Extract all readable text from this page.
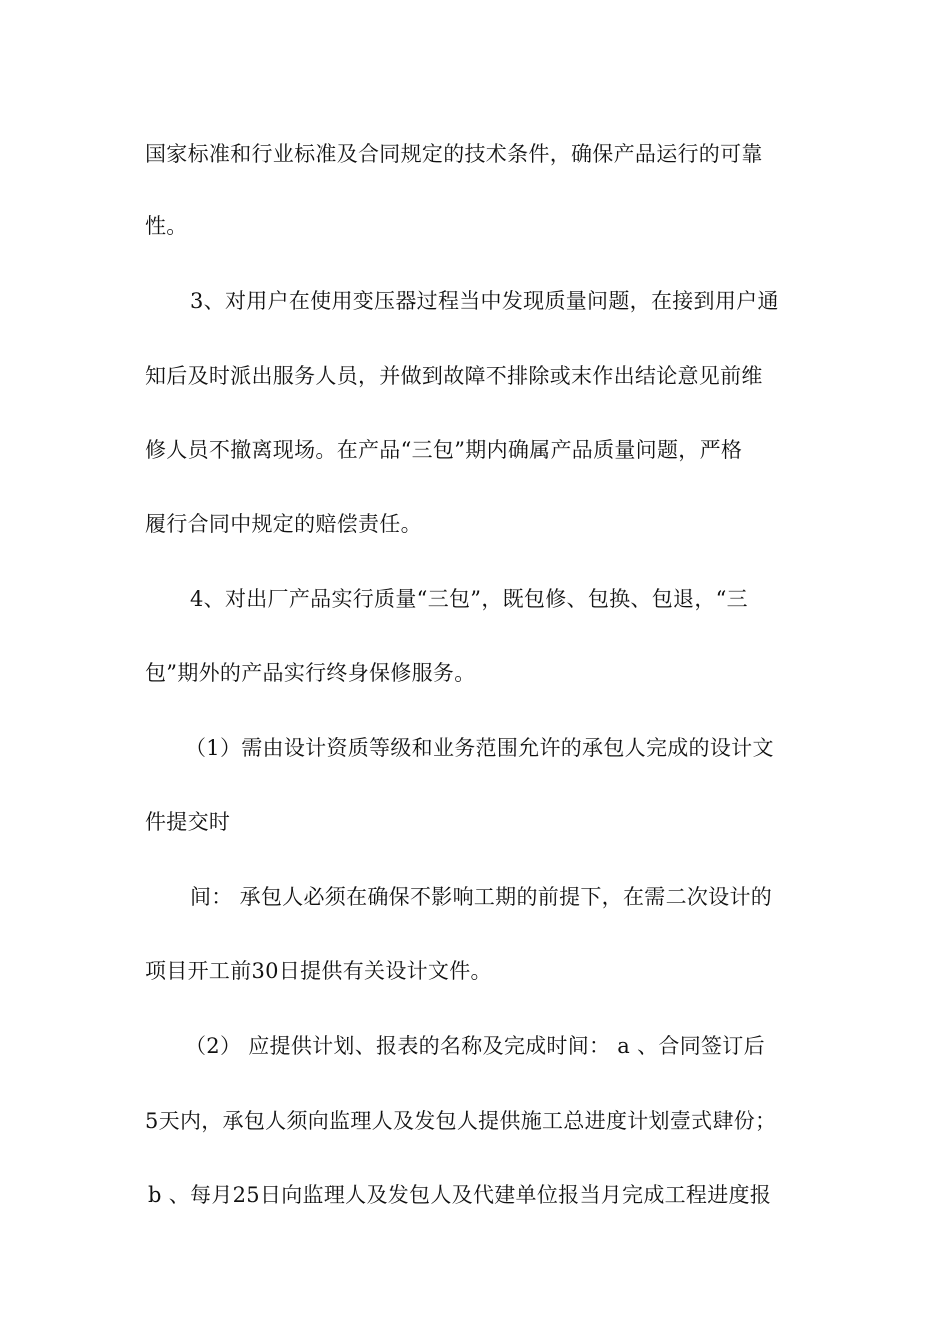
国家标准和行业标准及合同规定的技术条件，确保产品运行的可靠
性。
3、对用户在使用变压器过程当中发现质量问题，在接到用户通
知后及时派出服务人员，并做到故障不排除或末作出结论意见前维
修人员不撤离现场。在产品“三包”期内确属产品质量问题，严格
履行合同中规定的赔偿责任。
4、对出厂产品实行质量“三包”，既包修、包换、包退，“三
包”期外的产品实行终身保修服务。
（1）需由设计资质等级和业务范围允许的承包人完成的设计文
件提交时
间： 承包人必须在确保不影响工期的前提下，在需二次设计的
项目开工前30日提供有关设计文件。
（2） 应提供计划、报表的名称及完成时间： a 、合同签订后
5天内，承包人须向监理人及发包人提供施工总进度计划壹式肆份；
b 、每月25日向监理人及发包人及代建单位报当月完成工程进度报
